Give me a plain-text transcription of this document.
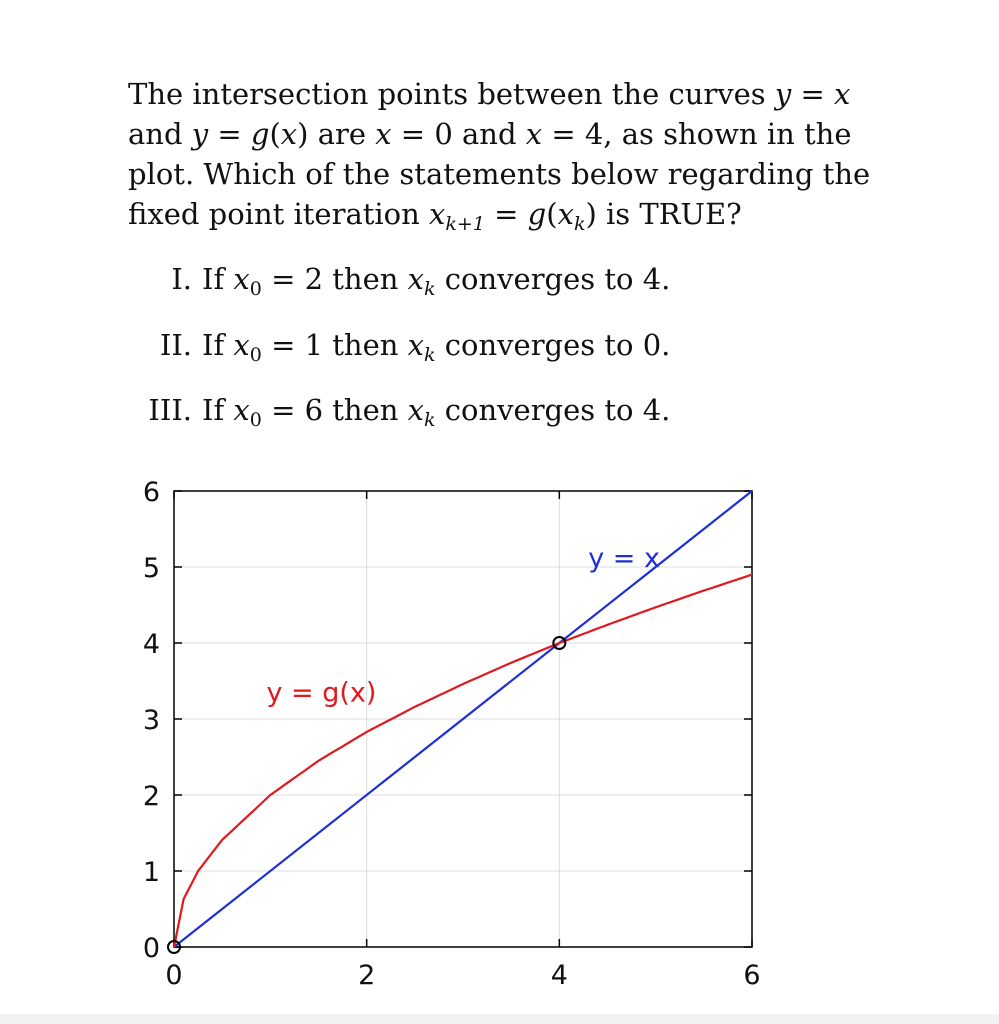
The intersection points between the curves y = x and y = g(x) are x = 0 and x = 4, as shown in the plot. Which of the statements below regarding the fixed point iteration $x_{k+1} = g(x_k)$ is TRUE?

I. If $x_0 = 2$ then $x_k$ converges to 4.
II. If $x_0 = 1$ then $x_k$ converges to 0.
III. If $x_0 = 6$ then $x_k$ converges to 4.
0	2	4	6
0
1
2
3
4
5
6
y = x
y = g(x)
